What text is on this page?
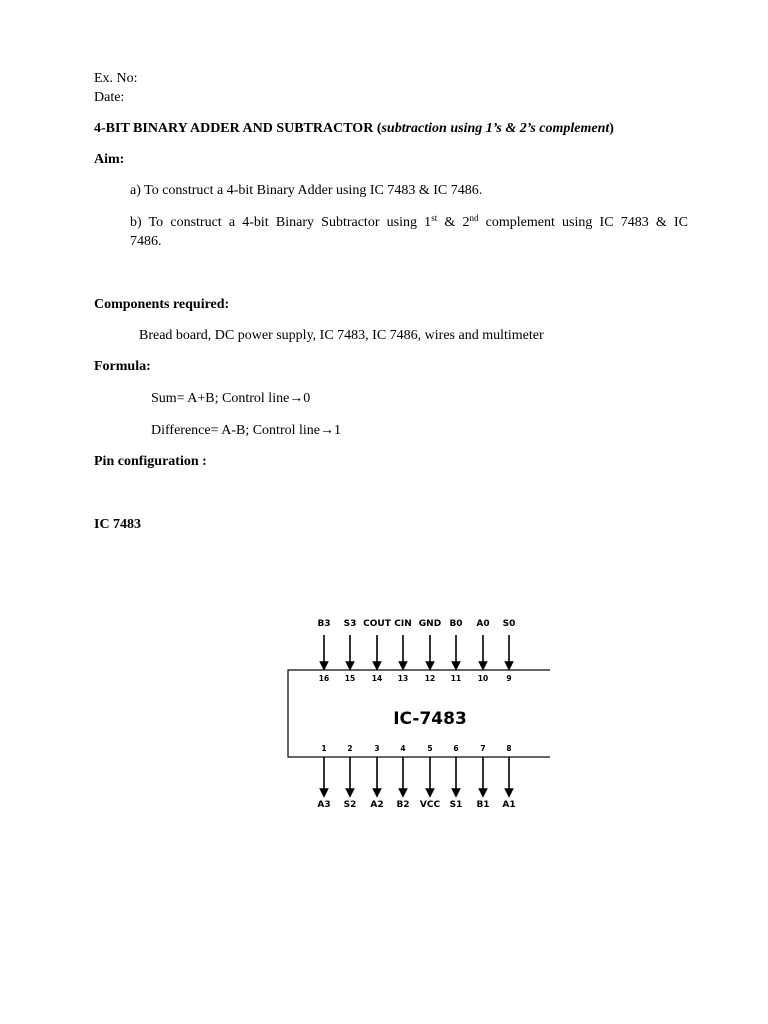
Ex. No:
Date:
4-BIT BINARY ADDER AND SUBTRACTOR (subtraction using 1’s & 2’s complement)
Aim:
a) To construct a 4-bit Binary Adder using IC 7483 & IC 7486.
b) To construct a 4-bit Binary Subtractor using 1st & 2nd complement using IC 7483 & IC
7486.
Components required:
Bread board, DC power supply, IC 7483, IC 7486, wires and multimeter
Formula:
Sum= A+B; Control line→0
Difference= A-B; Control line→1
Pin configuration :
IC 7483
IC-7483
B3
16
1
A3
S3
15
2
S2
COUT
14
3
A2
CIN
13
4
B2
GND
12
5
VCC
B0
11
6
S1
A0
10
7
B1
S0
9
8
A1
